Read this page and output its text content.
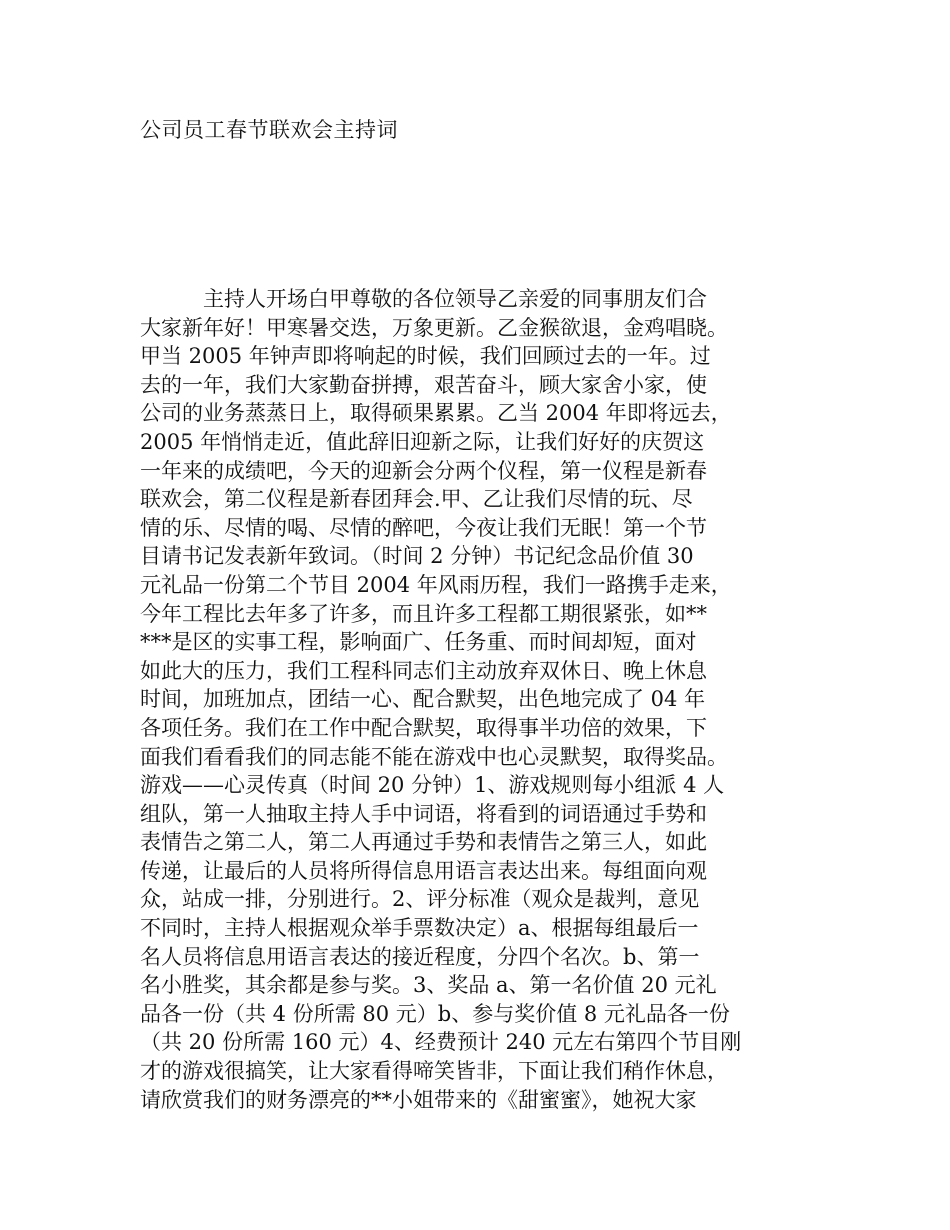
公司员工春节联欢会主持词
主持人开场白甲尊敬的各位领导乙亲爱的同事朋友们合
大家新年好！甲寒暑交迭，万象更新。乙金猴欲退，金鸡唱晓。
甲当 2005 年钟声即将响起的时候，我们回顾过去的一年。过
去的一年，我们大家勤奋拼搏，艰苦奋斗，顾大家舍小家，使
公司的业务蒸蒸日上，取得硕果累累。乙当 2004 年即将远去，
2005 年悄悄走近，值此辞旧迎新之际，让我们好好的庆贺这
一年来的成绩吧，今天的迎新会分两个仪程，第一仪程是新春
联欢会，第二仪程是新春团拜会.甲、乙让我们尽情的玩、尽
情的乐、尽情的喝、尽情的醉吧，今夜让我们无眠！第一个节
目请书记发表新年致词。（时间 2 分钟）书记纪念品价值 30
元礼品一份第二个节目 2004 年风雨历程，我们一路携手走来，
今年工程比去年多了许多，而且许多工程都工期很紧张，如**
***是区的实事工程，影响面广、任务重、而时间却短，面对
如此大的压力，我们工程科同志们主动放弃双休日、晚上休息
时间，加班加点，团结一心、配合默契，出色地完成了 04 年
各项任务。我们在工作中配合默契，取得事半功倍的效果，下
面我们看看我们的同志能不能在游戏中也心灵默契，取得奖品。
游戏——心灵传真（时间 20 分钟）1、游戏规则每小组派 4 人
组队，第一人抽取主持人手中词语，将看到的词语通过手势和
表情告之第二人，第二人再通过手势和表情告之第三人，如此
传递，让最后的人员将所得信息用语言表达出来。每组面向观
众，站成一排，分别进行。2、评分标准（观众是裁判，意见
不同时，主持人根据观众举手票数决定）a、根据每组最后一
名人员将信息用语言表达的接近程度，分四个名次。b、第一
名小胜奖，其余都是参与奖。3、奖品 a、第一名价值 20 元礼
品各一份（共 4 份所需 80 元）b、参与奖价值 8 元礼品各一份
（共 20 份所需 160 元）4、经费预计 240 元左右第四个节目刚
才的游戏很搞笑，让大家看得啼笑皆非，下面让我们稍作休息，
请欣赏我们的财务漂亮的**小姐带来的《甜蜜蜜》，她祝大家
